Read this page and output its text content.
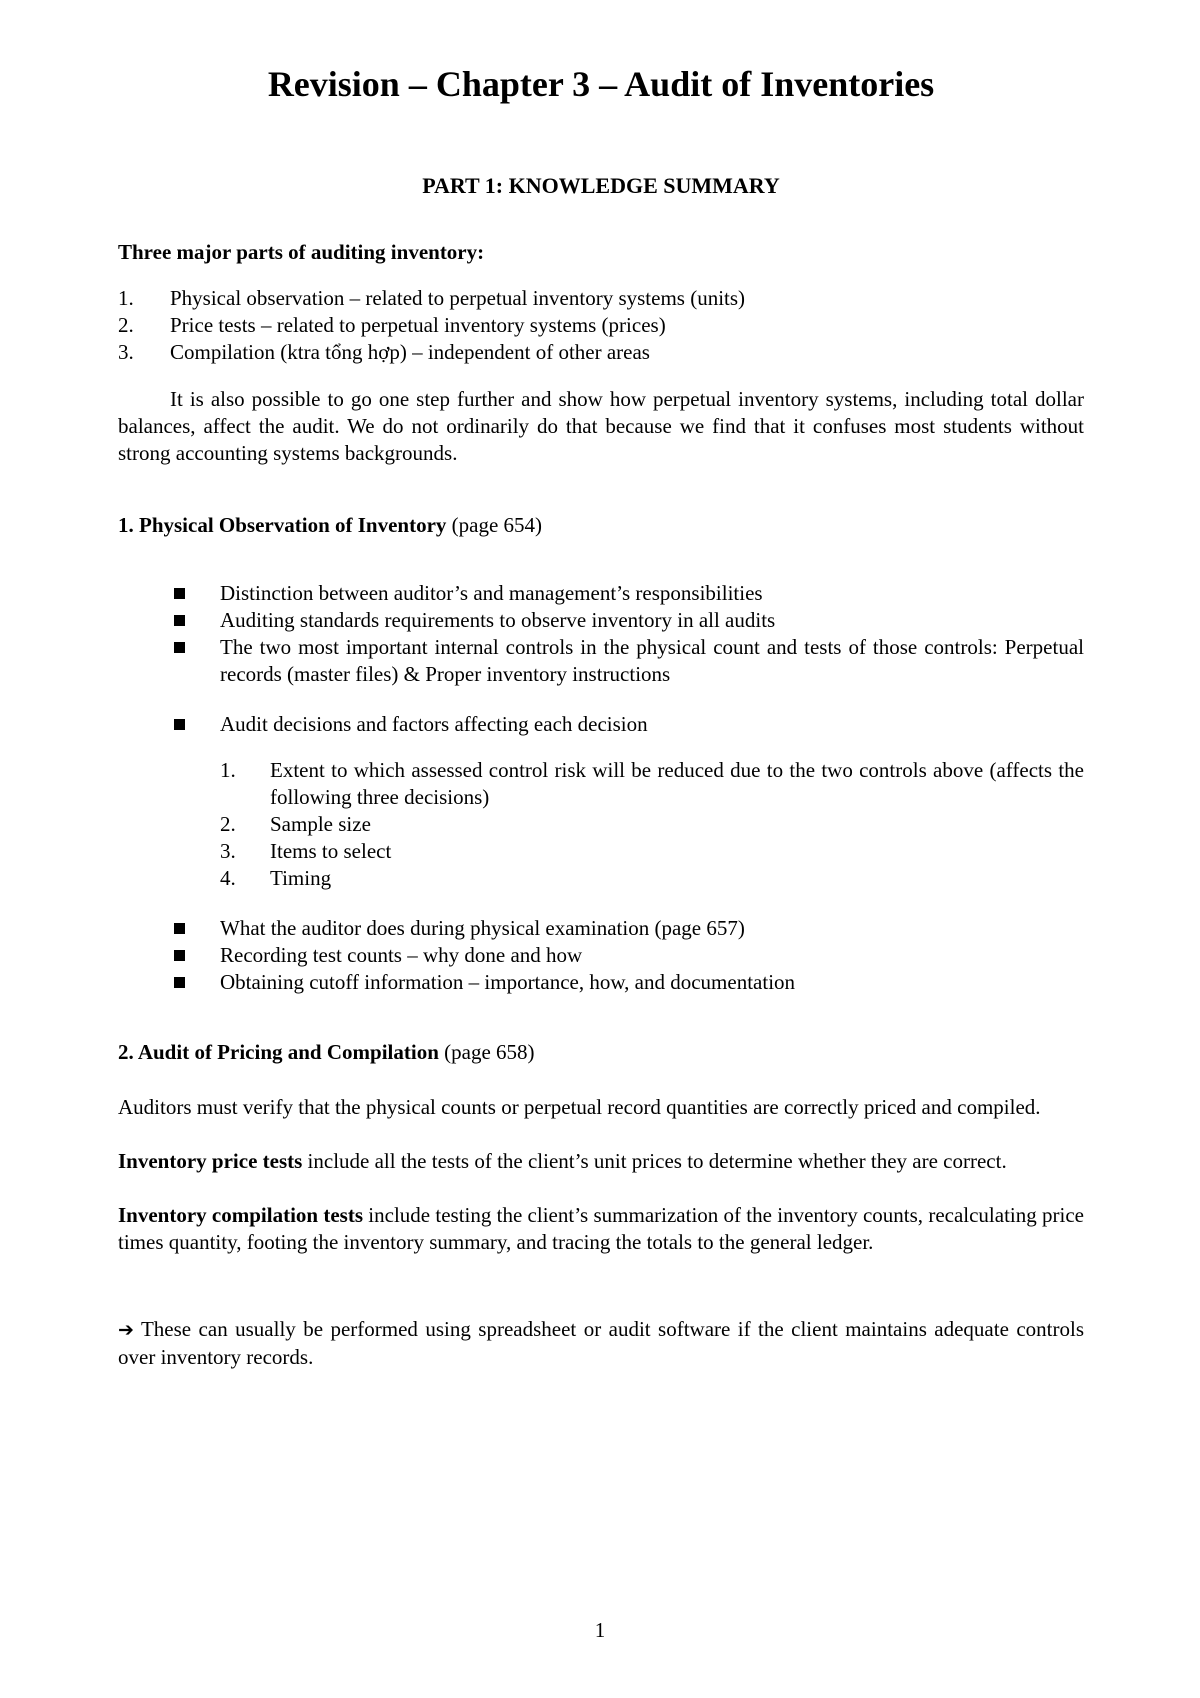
Revision – Chapter 3 – Audit of Inventories
PART 1: KNOWLEDGE SUMMARY
Three major parts of auditing inventory:
1. Physical observation – related to perpetual inventory systems (units)
2. Price tests – related to perpetual inventory systems (prices)
3. Compilation (ktra tổng hợp) – independent of other areas
It is also possible to go one step further and show how perpetual inventory systems, including total dollar balances, affect the audit. We do not ordinarily do that because we find that it confuses most students without strong accounting systems backgrounds.
1. Physical Observation of Inventory (page 654)
Distinction between auditor’s and management’s responsibilities
Auditing standards requirements to observe inventory in all audits
The two most important internal controls in the physical count and tests of those controls: Perpetual records (master files) & Proper inventory instructions
Audit decisions and factors affecting each decision
1. Extent to which assessed control risk will be reduced due to the two controls above (affects the following three decisions)
2. Sample size
3. Items to select
4. Timing
What the auditor does during physical examination (page 657)
Recording test counts – why done and how
Obtaining cutoff information – importance, how, and documentation
2. Audit of Pricing and Compilation (page 658)
Auditors must verify that the physical counts or perpetual record quantities are correctly priced and compiled.
Inventory price tests include all the tests of the client’s unit prices to determine whether they are correct.
Inventory compilation tests include testing the client’s summarization of the inventory counts, recalculating price times quantity, footing the inventory summary, and tracing the totals to the general ledger.
➔ These can usually be performed using spreadsheet or audit software if the client maintains adequate controls over inventory records.
1
